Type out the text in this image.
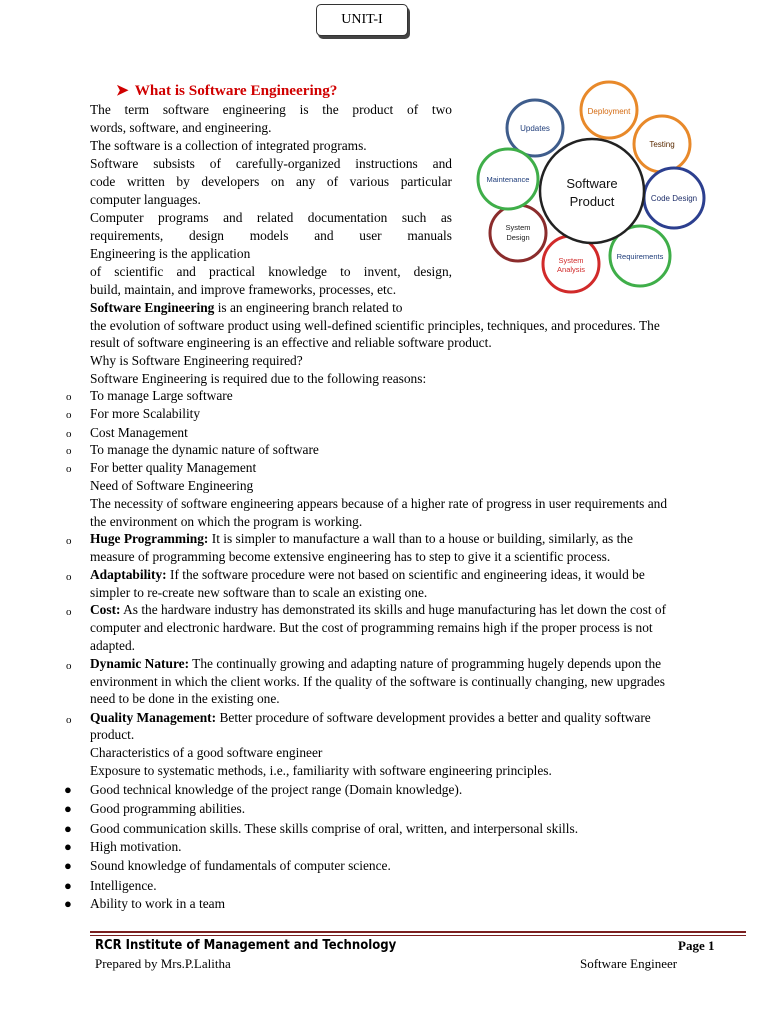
UNIT-I
➤ What is Software Engineering?
The term software engineering is the product of two
words, software, and engineering.
The software is a collection of integrated programs.
Software subsists of carefully-organized instructions and
code written by developers on any of various particular
computer languages.
Computer programs and related documentation such as
requirements, design models and user manuals
Engineering is the application
of scientific and practical knowledge to invent, design,
build, maintain, and improve frameworks, processes, etc.
Software Engineering is an engineering branch related to
the evolution of software product using well-defined scientific principles, techniques, and procedures. The
result of software engineering is an effective and reliable software product.
Why is Software Engineering required?
Software Engineering is required due to the following reasons:
o To manage Large software
o For more Scalability
o Cost Management
o To manage the dynamic nature of software
o For better quality Management
Need of Software Engineering
The necessity of software engineering appears because of a higher rate of progress in user requirements and
the environment on which the program is working.
o Huge Programming: It is simpler to manufacture a wall than to a house or building, similarly, as the
measure of programming become extensive engineering has to step to give it a scientific process.
o Adaptability: If the software procedure were not based on scientific and engineering ideas, it would be
simpler to re-create new software than to scale an existing one.
o Cost: As the hardware industry has demonstrated its skills and huge manufacturing has let down the cost of
computer and electronic hardware. But the cost of programming remains high if the proper process is not
adapted.
o Dynamic Nature: The continually growing and adapting nature of programming hugely depends upon the
environment in which the client works. If the quality of the software is continually changing, new upgrades
need to be done in the existing one.
o Quality Management: Better procedure of software development provides a better and quality software
product.
Characteristics of a good software engineer
Exposure to systematic methods, i.e., familiarity with software engineering principles.
● Good technical knowledge of the project range (Domain knowledge).
● Good programming abilities.
● Good communication skills. These skills comprise of oral, written, and interpersonal skills.
● High motivation.
● Sound knowledge of fundamentals of computer science.
● Intelligence.
● Ability to work in a team
Updates
Deployment
Testing
Code Design
Requirements
System
Analysis
System
Design
Maintenance	Software
Product
RCR Institute of Management and Technology	Page 1
Prepared by Mrs.P.Lalitha	Software Engineer
